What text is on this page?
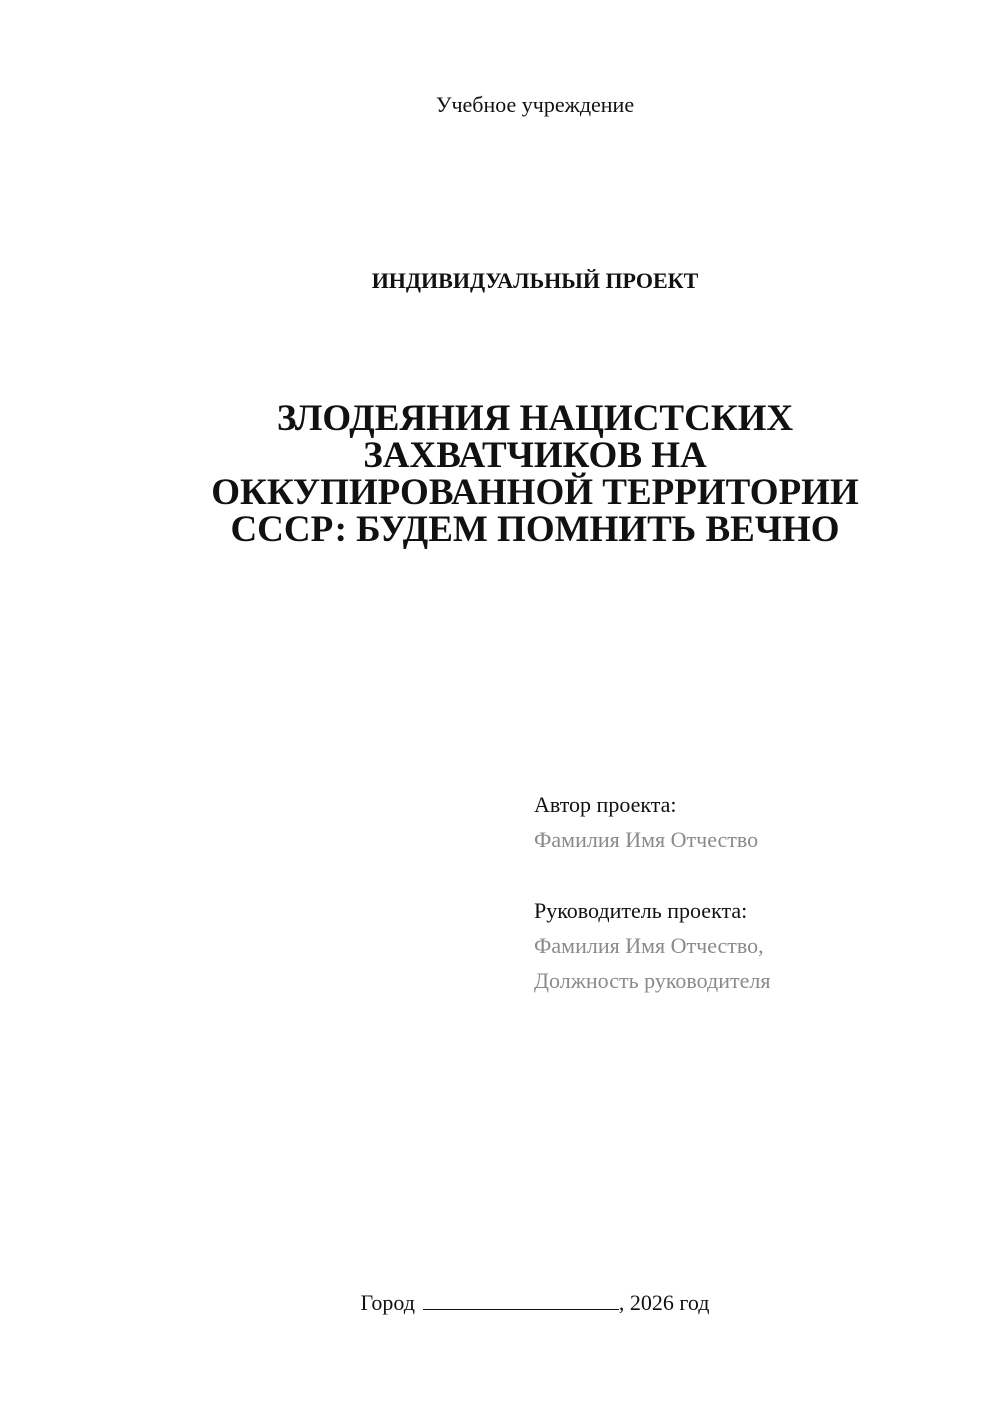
Учебное учреждение
ИНДИВИДУАЛЬНЫЙ ПРОЕКТ
ЗЛОДЕЯНИЯ НАЦИСТСКИХ
ЗАХВАТЧИКОВ НА
ОККУПИРОВАННОЙ ТЕРРИТОРИИ
СССР: БУДЕМ ПОМНИТЬ ВЕЧНО
Автор проекта:
Фамилия Имя Отчество
Руководитель проекта:
Фамилия Имя Отчество,
Должность руководителя
Город	, 2026 год
